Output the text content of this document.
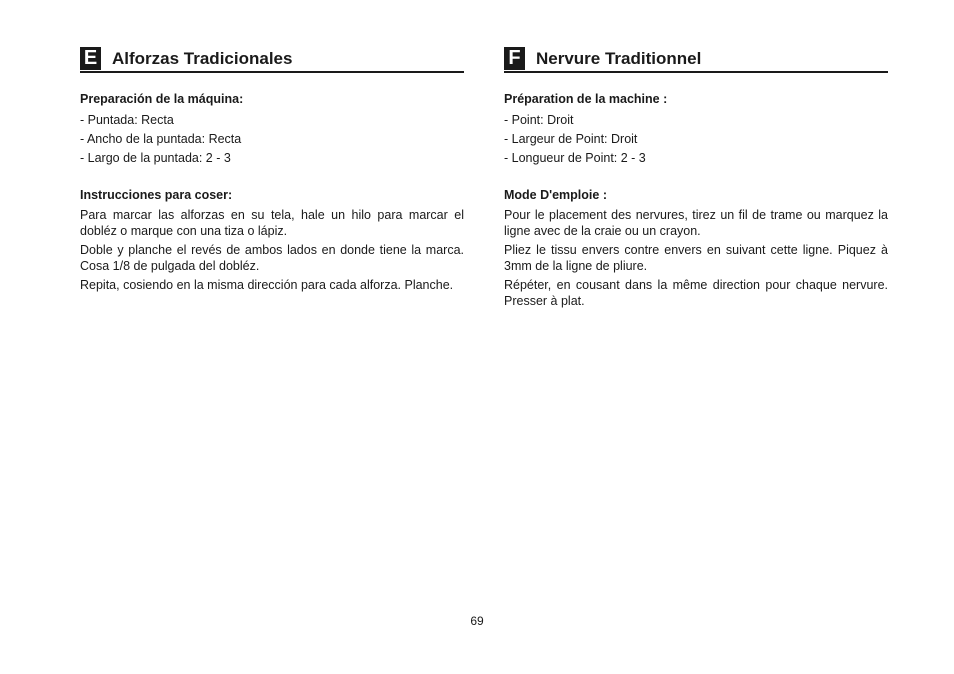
E Alforzas Tradicionales
Preparación de la máquina:
- Puntada: Recta
- Ancho de la puntada: Recta
- Largo de la puntada: 2 - 3
Instrucciones para coser:

Para marcar las alforzas en su tela, hale un hilo para marcar el dobléz o marque con una tiza o lápiz.

Doble y planche el revés de ambos lados en donde tiene la marca. Cosa 1/8 de pulgada del dobléz.

Repita, cosiendo en la misma dirección para cada alforza. Planche.

F Nervure Traditionnel
Préparation de la machine :
- Point: Droit
- Largeur de Point: Droit
- Longueur de Point: 2 - 3
Mode D'emploie :

Pour le placement des nervures, tirez un fil de trame ou marquez la ligne avec de la craie ou un crayon.

Pliez le tissu envers contre envers en suivant cette ligne. Piquez à 3mm de la ligne de pliure.

Répéter, en cousant dans la même direction pour chaque nervure. Presser à plat.

69
